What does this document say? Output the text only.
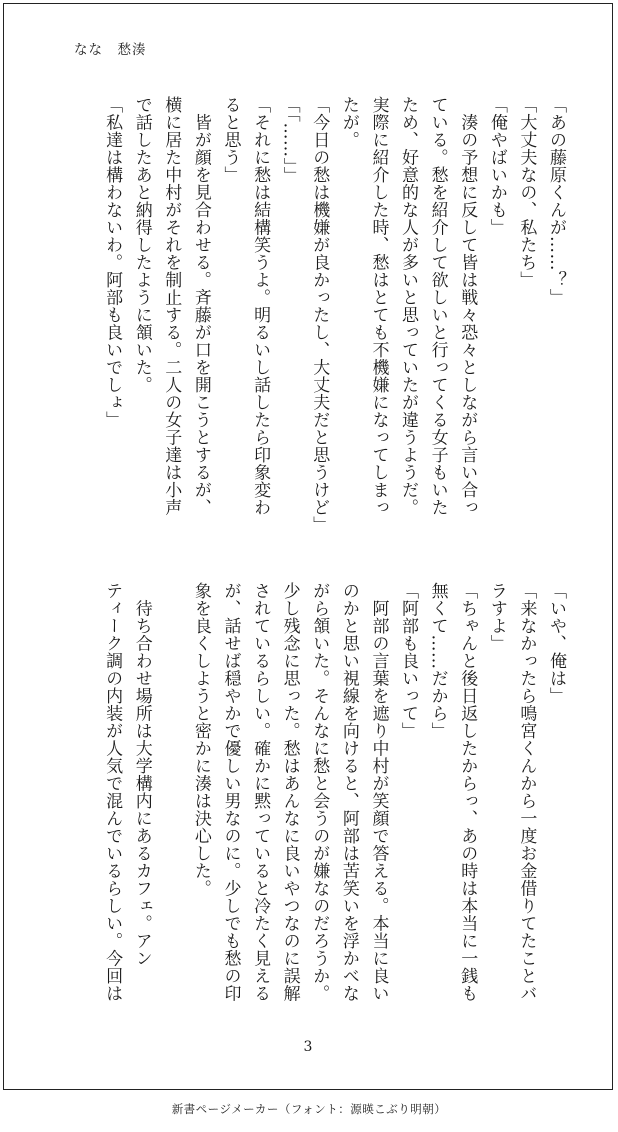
なな　愁湊

「あの藤原くんが……？」
「大丈夫なの、私たち」
「俺やばいかも」
　湊の予想に反して皆は戦々恐々としながら言い合っ
ている。愁を紹介して欲しいと行ってくる女子もいた
ため、好意的な人が多いと思っていたが違うようだ。
実際に紹介した時、愁はとても不機嫌になってしまっ
たが。
「今日の愁は機嫌が良かったし、大丈夫だと思うけど」
「「……」」
「それに愁は結構笑うよ。明るいし話したら印象変わ
ると思う」
　皆が顔を見合わせる。斉藤が口を開こうとするが、
横に居た中村がそれを制止する。二人の女子達は小声
で話したあと納得したように頷いた。
「私達は構わないわ。阿部も良いでしょ」
「いや、俺は」
「来なかったら鳴宮くんから一度お金借りてたことバ
ラすよ」
「ちゃんと後日返したからっ、あの時は本当に一銭も
無くて……だから」
「阿部も良いって」
　阿部の言葉を遮り中村が笑顔で答える。本当に良い
のかと思い視線を向けると、阿部は苦笑いを浮かべな
がら頷いた。そんなに愁と会うのが嫌なのだろうか。
少し残念に思った。愁はあんなに良いやつなのに誤解
されているらしい。確かに黙っていると冷たく見える
が、話せば穏やかで優しい男なのに。少しでも愁の印
象を良くしようと密かに湊は決心した。

　待ち合わせ場所は大学構内にあるカフェ。アン
ティーク調の内装が人気で混んでいるらしい。今回は

3

新書ページメーカー（フォント：源暎こぶり明朝）
